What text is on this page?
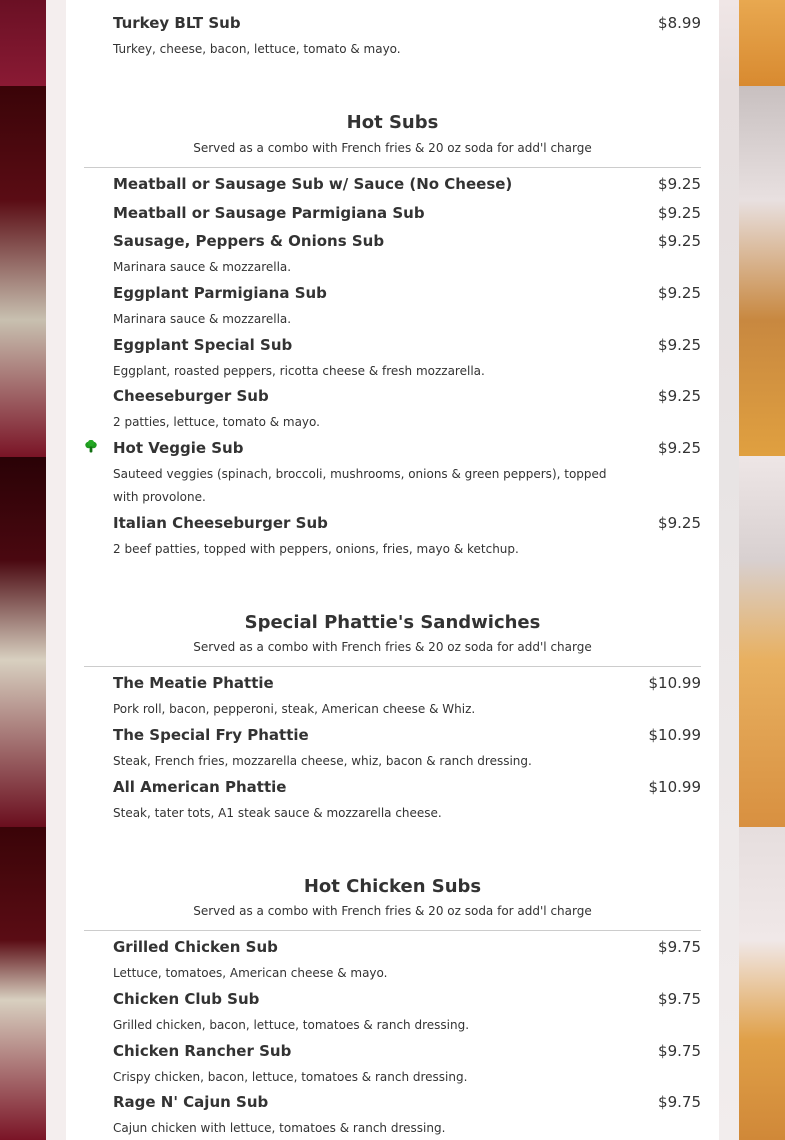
Turkey BLT Sub	$8.99
Turkey, cheese, bacon, lettuce, tomato & mayo.
Hot Subs
Served as a combo with French fries & 20 oz soda for add'l charge
Meatball or Sausage Sub w/ Sauce (No Cheese)	$9.25
Meatball or Sausage Parmigiana Sub	$9.25
Sausage, Peppers & Onions Sub	$9.25
Marinara sauce & mozzarella.
Eggplant Parmigiana Sub	$9.25
Marinara sauce & mozzarella.
Eggplant Special Sub	$9.25
Eggplant, roasted peppers, ricotta cheese & fresh mozzarella.
Cheeseburger Sub	$9.25
2 patties, lettuce, tomato & mayo.
Hot Veggie Sub	$9.25
Sauteed veggies (spinach, broccoli, mushrooms, onions & green peppers), topped with provolone.
Italian Cheeseburger Sub	$9.25
2 beef patties, topped with peppers, onions, fries, mayo & ketchup.
Special Phattie's Sandwiches
Served as a combo with French fries & 20 oz soda for add'l charge
The Meatie Phattie	$10.99
Pork roll, bacon, pepperoni, steak, American cheese & Whiz.
The Special Fry Phattie	$10.99
Steak, French fries, mozzarella cheese, whiz, bacon & ranch dressing.
All American Phattie	$10.99
Steak, tater tots, A1 steak sauce & mozzarella cheese.
Hot Chicken Subs
Served as a combo with French fries & 20 oz soda for add'l charge
Grilled Chicken Sub	$9.75
Lettuce, tomatoes, American cheese & mayo.
Chicken Club Sub	$9.75
Grilled chicken, bacon, lettuce, tomatoes & ranch dressing.
Chicken Rancher Sub	$9.75
Crispy chicken, bacon, lettuce, tomatoes & ranch dressing.
Rage N' Cajun Sub	$9.75
Cajun chicken with lettuce, tomatoes & ranch dressing.
